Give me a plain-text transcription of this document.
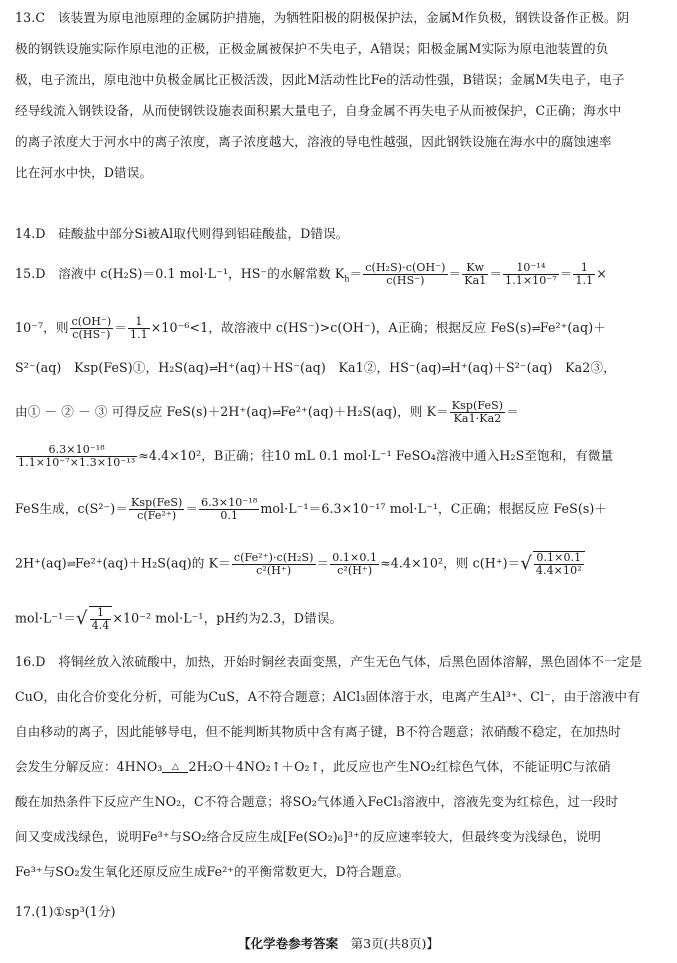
13.C　 该装置为原电池原理的金属防护措施，为牺牲阳极的阴极保护法，金属M作负极，钢铁设备作正极。阴
极的钢铁设施实际作原电池的正极，正极金属被保护不失电子，A错误；阳极金属M实际为原电池装置的负
极，电子流出，原电池中负极金属比正极活泼，因此M活动性比Fe的活动性强，B错误；金属M失电子，电子
经导线流入钢铁设备，从而使钢铁设施表面积累大量电子，自身金属不再失电子从而被保护，C正确；海水中
的离子浓度大于河水中的离子浓度，离子浓度越大，溶液的导电性越强，因此钢铁设施在海水中的腐蚀速率
比在河水中快，D错误。
14.D　 硅酸盐中部分Si被Al取代则得到铝硅酸盐，D错误。
15.D　 溶液中 c(H₂S)＝0.1 mol·L⁻¹，HS⁻的水解常数 $K_h= \frac{\text{c(H₂S)·c(OH⁻)}}{c(HS^-)} = \frac{Kw}{Ka1} = \frac{\text{10⁻¹⁴}}{\text{1.1×10⁻⁷}} = \frac{1}{1.1}$ ×
10⁻⁷，则 $\frac{c(OH^-)}{c(HS^-)} = \frac{1}{1.1} \times 10^{-6}<1$，故溶液中 c(HS⁻)>c(OH⁻)，A正确；根据反应 FeS(s)⇌Fe²⁺(aq)＋
S²⁻(aq)　Ksp(FeS)①，H₂S(aq)⇌H⁺(aq)＋HS⁻(aq)　Ka1②，HS⁻(aq)⇌H⁺(aq)＋S²⁻(aq)　Ka2③，
由① － ② － ③ 可得反应 FeS(s)＋2H⁺(aq)⇌Fe²⁺(aq)＋H₂S(aq)，则 $K= \frac{\text{Ksp(FeS)}}{Ka1\cdot Ka2}$ ＝
$\frac{\text{6.3×10⁻¹⁸}}{\text{1.1×10⁻⁷×1.3×10⁻¹³}} \approx 4.4\times 10^2$，B正确；往10 mL 0.1 mol·L⁻¹ FeSO₄溶液中通入H₂S至饱和，有微量
FeS生成，$c(S^{2-})= \frac{\text{Ksp(FeS)}}{\text{c(Fe²⁺)}} = \frac{\text{6.3×10⁻¹⁸}}{0.1} mol\cdot L^{-1}=6.3\times 10^{-17}$ mol·L⁻¹，C正确；根据反应 FeS(s)＋
2H⁺(aq)⇌Fe²⁺(aq)＋H₂S(aq)的 $K= \frac{\text{c(Fe²⁺)·c(H₂S)}}{\text{c²(H⁺)}} = \frac{0.1\times 0.1}{\text{c²(H⁺)}} \approx 4.4\times 10^2$，则 $c(H^+)=√ \frac{0.1\times 0.1}{\text{4.4×10²}}$
$mol\cdot L^{-1}=√ \frac{1}{4.4} \times 10^{-2}$ mol·L⁻¹，pH约为2.3，D错误。
16.D　 将铜丝放入浓硫酸中，加热，开始时铜丝表面变黑，产生无色气体，后黑色固体溶解，黑色固体不一定是
CuO，由化合价变化分析，可能为CuS，A不符合题意；AlCl₃固体溶于水，电离产生Al³⁺、Cl⁻，由于溶液中有
自由移动的离子，因此能够导电，但不能判断其物质中含有离子键，B不符合题意；浓硝酸不稳定，在加热时
会发生分解反应：4HNO₃	△ 2H₂O＋4NO₂↑＋O₂↑，此反应也产生NO₂红棕色气体，不能证明C与浓硝
酸在加热条件下反应产生NO₂，C不符合题意；将SO₂气体通入FeCl₃溶液中，溶液先变为红棕色，过一段时
间又变成浅绿色，说明Fe³⁺与SO₂络合反应生成[Fe(SO₂)₆]³⁺的反应速率较大，但最终变为浅绿色，说明
Fe³⁺与SO₂发生氧化还原反应生成Fe²⁺的平衡常数更大，D符合题意。
17.(1)①sp³(1分)
【化学卷参考答案　 第3页(共8页)】
